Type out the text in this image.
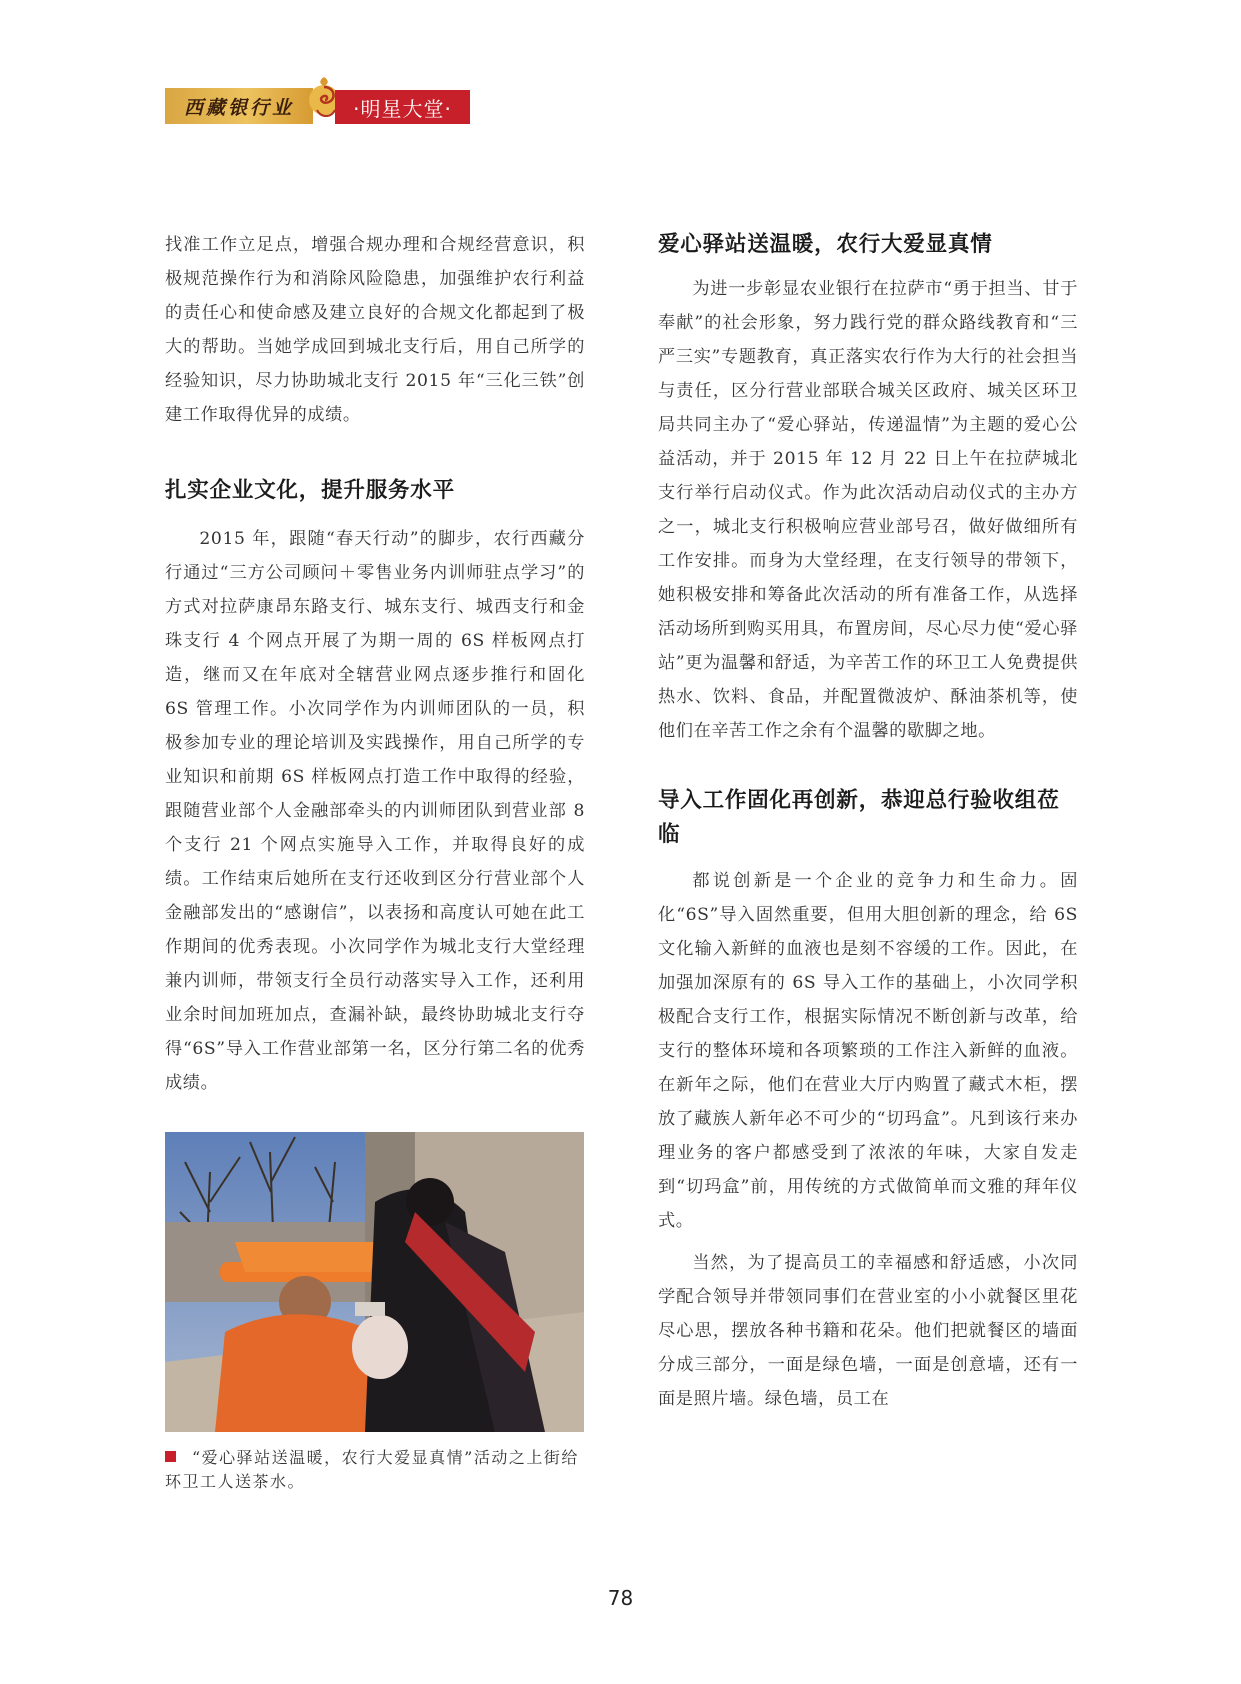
西藏银行业	·明星大堂·

找准工作立足点，增强合规办理和合规经营意识，积极规范操作行为和消除风险隐患，加强维护农行利益的责任心和使命感及建立良好的合规文化都起到了极大的帮助。当她学成回到城北支行后，用自己所学的经验知识，尽力协助城北支行 2015 年“三化三铁”创建工作取得优异的成绩。

扎实企业文化，提升服务水平

2015 年，跟随“春天行动”的脚步，农行西藏分行通过“三方公司顾问＋零售业务内训师驻点学习”的方式对拉萨康昂东路支行、城东支行、城西支行和金珠支行 4 个网点开展了为期一周的 6S 样板网点打造，继而又在年底对全辖营业网点逐步推行和固化 6S 管理工作。小次同学作为内训师团队的一员，积极参加专业的理论培训及实践操作，用自己所学的专业知识和前期 6S 样板网点打造工作中取得的经验，跟随营业部个人金融部牵头的内训师团队到营业部 8 个支行 21 个网点实施导入工作，并取得良好的成绩。工作结束后她所在支行还收到区分行营业部个人金融部发出的“感谢信”，以表扬和高度认可她在此工作期间的优秀表现。小次同学作为城北支行大堂经理兼内训师，带领支行全员行动落实导入工作，还利用业余时间加班加点，查漏补缺，最终协助城北支行夺得“6S”导入工作营业部第一名，区分行第二名的优秀成绩。

“爱心驿站送温暖，农行大爱显真情”活动之上街给环卫工人送茶水。
爱心驿站送温暖，农行大爱显真情

为进一步彰显农业银行在拉萨市“勇于担当、甘于奉献”的社会形象，努力践行党的群众路线教育和“三严三实”专题教育，真正落实农行作为大行的社会担当与责任，区分行营业部联合城关区政府、城关区环卫局共同主办了“爱心驿站，传递温情”为主题的爱心公益活动，并于 2015 年 12 月 22 日上午在拉萨城北支行举行启动仪式。作为此次活动启动仪式的主办方之一，城北支行积极响应营业部号召，做好做细所有工作安排。而身为大堂经理，在支行领导的带领下，她积极安排和筹备此次活动的所有准备工作，从选择活动场所到购买用具，布置房间，尽心尽力使“爱心驿站”更为温馨和舒适，为辛苦工作的环卫工人免费提供热水、饮料、食品，并配置微波炉、酥油茶机等，使他们在辛苦工作之余有个温馨的歇脚之地。

导入工作固化再创新，恭迎总行验收组莅临

都说创新是一个企业的竞争力和生命力。固化“6S”导入固然重要，但用大胆创新的理念，给 6S 文化输入新鲜的血液也是刻不容缓的工作。因此，在加强加深原有的 6S 导入工作的基础上，小次同学积极配合支行工作，根据实际情况不断创新与改革，给支行的整体环境和各项繁琐的工作注入新鲜的血液。在新年之际，他们在营业大厅内购置了藏式木柜，摆放了藏族人新年必不可少的“切玛盒”。凡到该行来办理业务的客户都感受到了浓浓的年味，大家自发走到“切玛盒”前，用传统的方式做简单而文雅的拜年仪式。

当然，为了提高员工的幸福感和舒适感，小次同学配合领导并带领同事们在营业室的小小就餐区里花尽心思，摆放各种书籍和花朵。他们把就餐区的墙面分成三部分，一面是绿色墙，一面是创意墙，还有一面是照片墙。绿色墙，员工在

78
